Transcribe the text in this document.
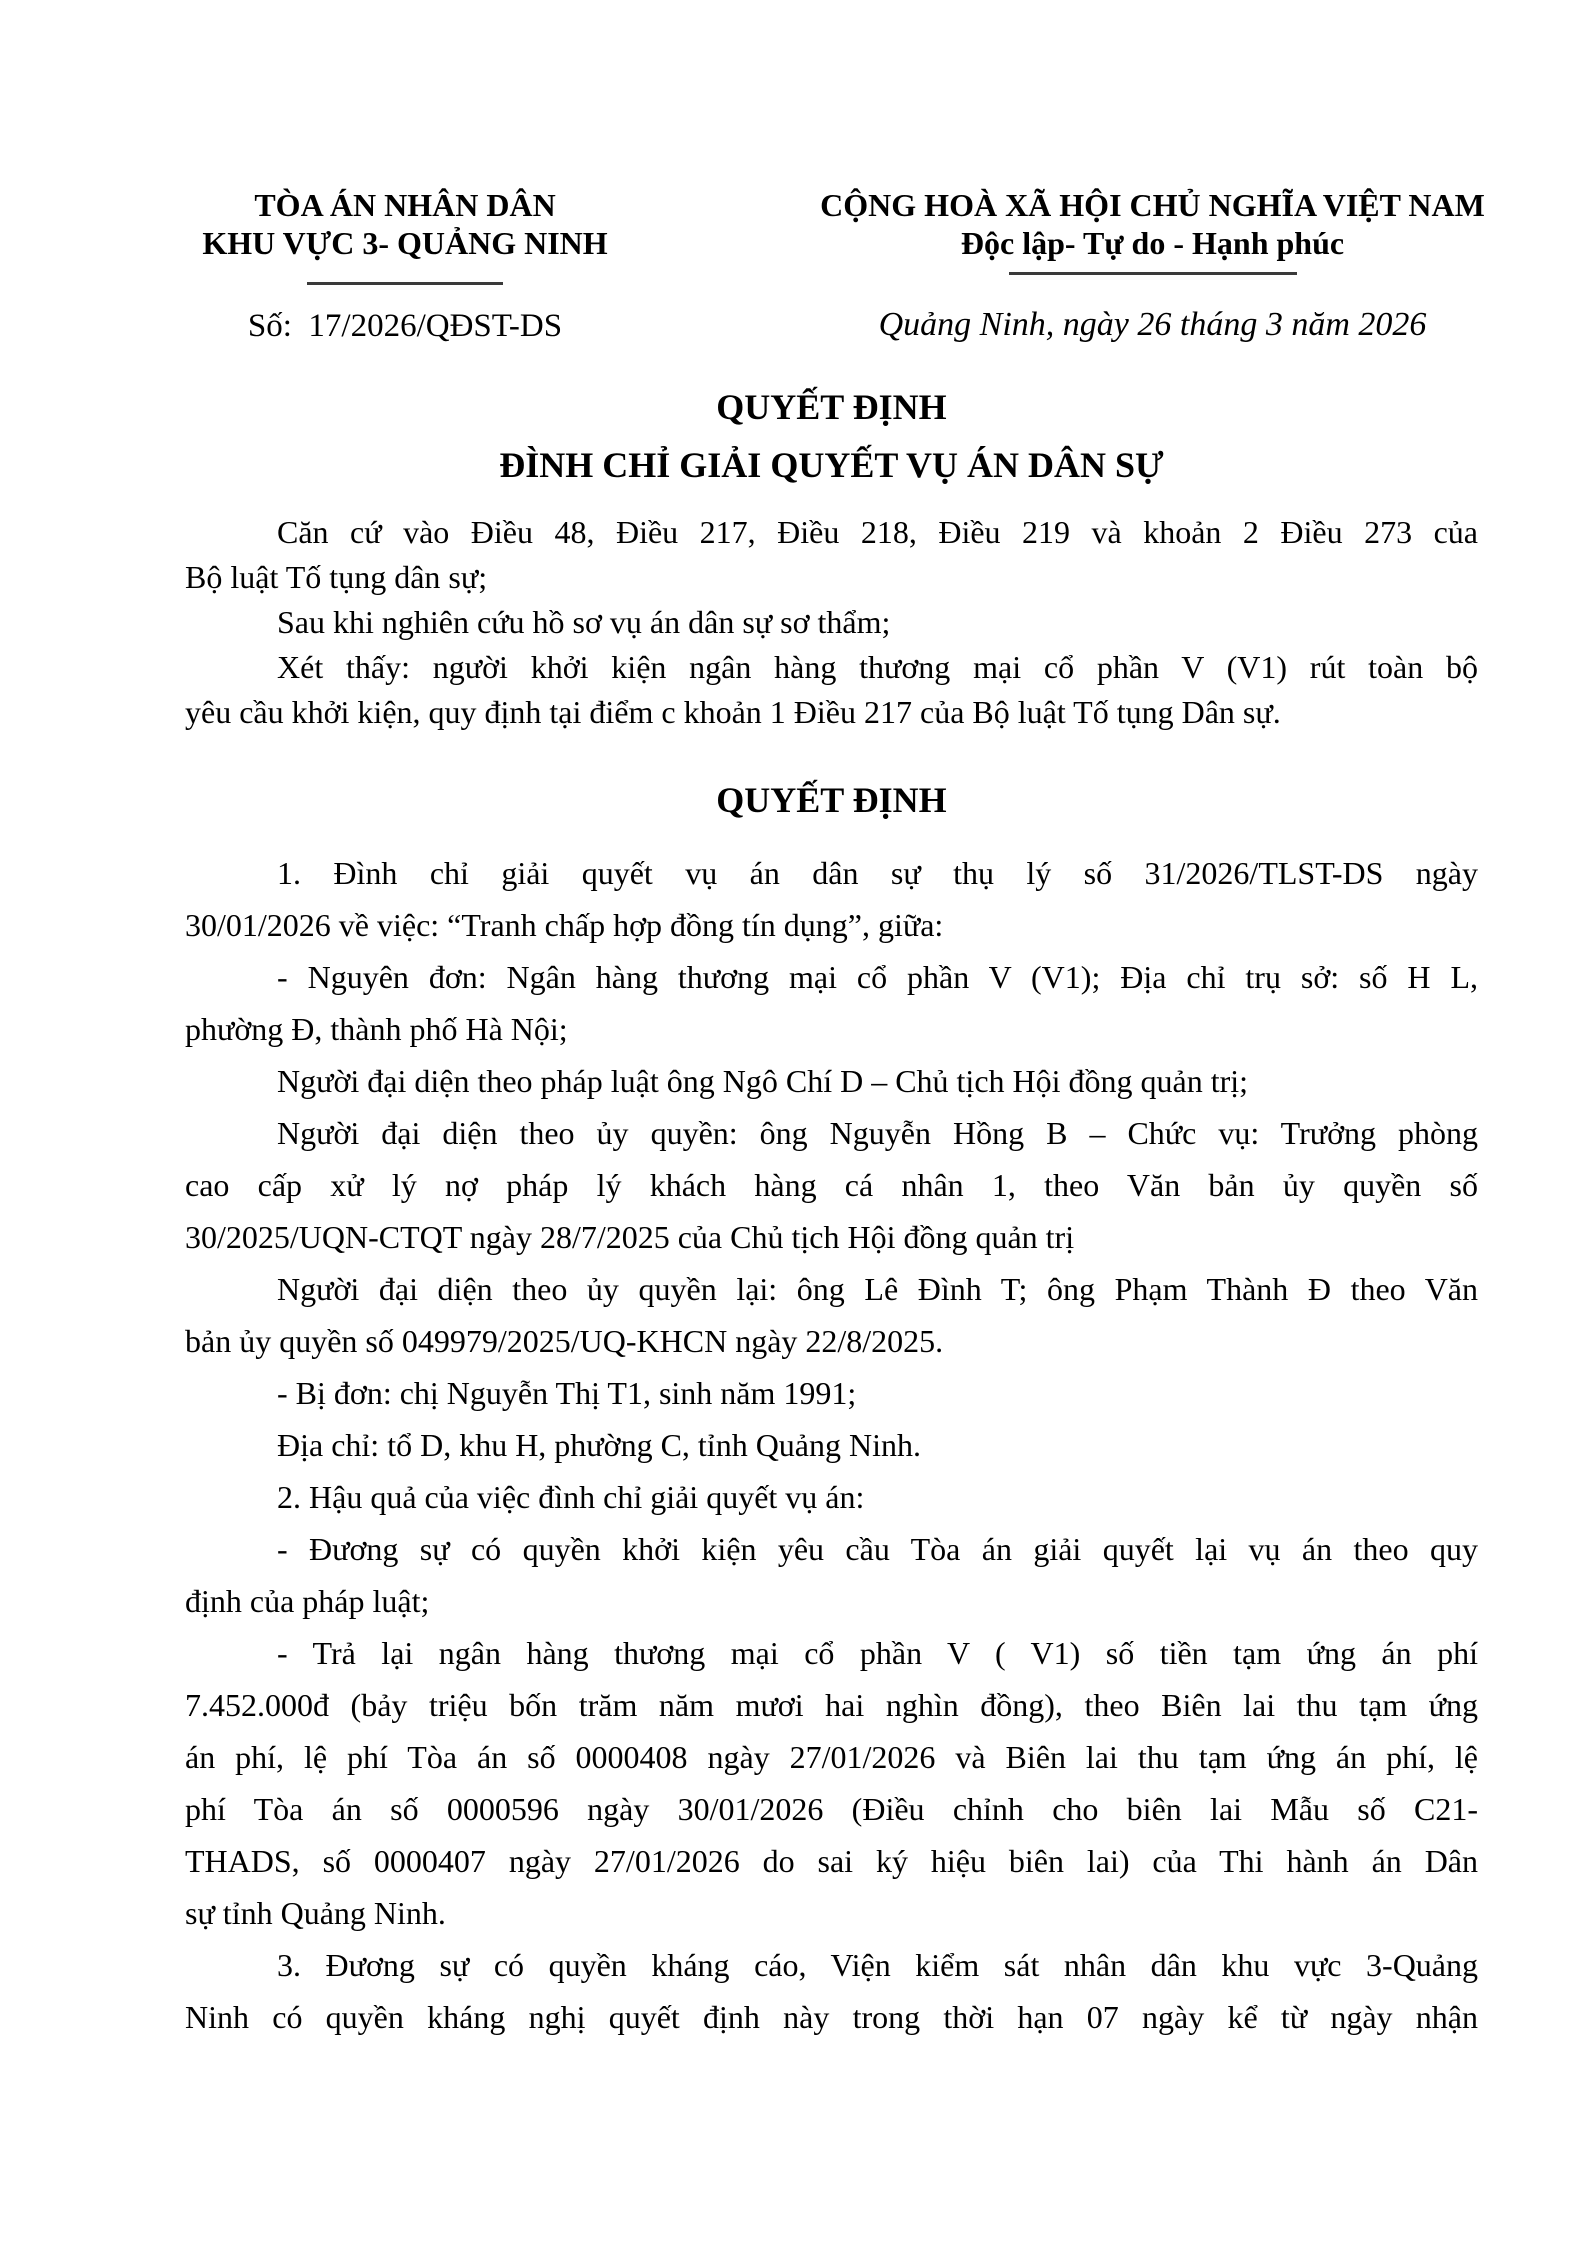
TÒA ÁN NHÂN DÂN
KHU VỰC 3- QUẢNG NINH
Số:  17/2026/QĐST-DS
CỘNG HOÀ XÃ HỘI CHỦ NGHĨA VIỆT NAM
Độc lập- Tự do - Hạnh phúc
Quảng Ninh, ngày 26 tháng 3 năm 2026
QUYẾT ĐỊNH
ĐÌNH CHỈ GIẢI QUYẾT VỤ ÁN DÂN SỰ
Căn cứ vào Điều 48, Điều 217, Điều 218, Điều 219 và khoản 2 Điều 273 của
Bộ luật Tố tụng dân sự;
Sau khi nghiên cứu hồ sơ vụ án dân sự sơ thẩm;
Xét thấy: người khởi kiện ngân hàng thương mại cổ phần V (V1) rút toàn bộ
yêu cầu khởi kiện, quy định tại điểm c khoản 1 Điều 217 của Bộ luật Tố tụng Dân sự.
QUYẾT ĐỊNH
1. Đình chỉ giải quyết vụ án dân sự thụ lý số 31/2026/TLST-DS ngày
30/01/2026 về việc: “Tranh chấp hợp đồng tín dụng”, giữa:
- Nguyên đơn: Ngân hàng thương mại cổ phần V (V1); Địa chỉ trụ sở: số H L,
phường Đ, thành phố Hà Nội;
Người đại diện theo pháp luật ông Ngô Chí D – Chủ tịch Hội đồng quản trị;
Người đại diện theo ủy quyền: ông Nguyễn Hồng B – Chức vụ: Trưởng phòng
cao cấp xử lý nợ pháp lý khách hàng cá nhân 1, theo Văn bản ủy quyền số
30/2025/UQN-CTQT ngày 28/7/2025 của Chủ tịch Hội đồng quản trị
Người đại diện theo ủy quyền lại: ông Lê Đình T; ông Phạm Thành Đ theo Văn
bản ủy quyền số 049979/2025/UQ-KHCN ngày 22/8/2025.
- Bị đơn: chị Nguyễn Thị T1, sinh năm 1991;
Địa chỉ: tổ D, khu H, phường C, tỉnh Quảng Ninh.
2. Hậu quả của việc đình chỉ giải quyết vụ án:
- Đương sự có quyền khởi kiện yêu cầu Tòa án giải quyết lại vụ án theo quy
định của pháp luật;
- Trả lại ngân hàng thương mại cổ phần V ( V1) số tiền tạm ứng án phí
7.452.000đ (bảy triệu bốn trăm năm mươi hai nghìn đồng), theo Biên lai thu tạm ứng
án phí, lệ phí Tòa án số 0000408 ngày 27/01/2026 và Biên lai thu tạm ứng án phí, lệ
phí Tòa án số 0000596 ngày 30/01/2026 (Điều chỉnh cho biên lai Mẫu số C21-
THADS, số 0000407 ngày 27/01/2026 do sai ký hiệu biên lai) của Thi hành án Dân
sự tỉnh Quảng Ninh.
3. Đương sự có quyền kháng cáo, Viện kiểm sát nhân dân khu vực 3-Quảng
Ninh có quyền kháng nghị quyết định này trong thời hạn 07 ngày kể từ ngày nhận
